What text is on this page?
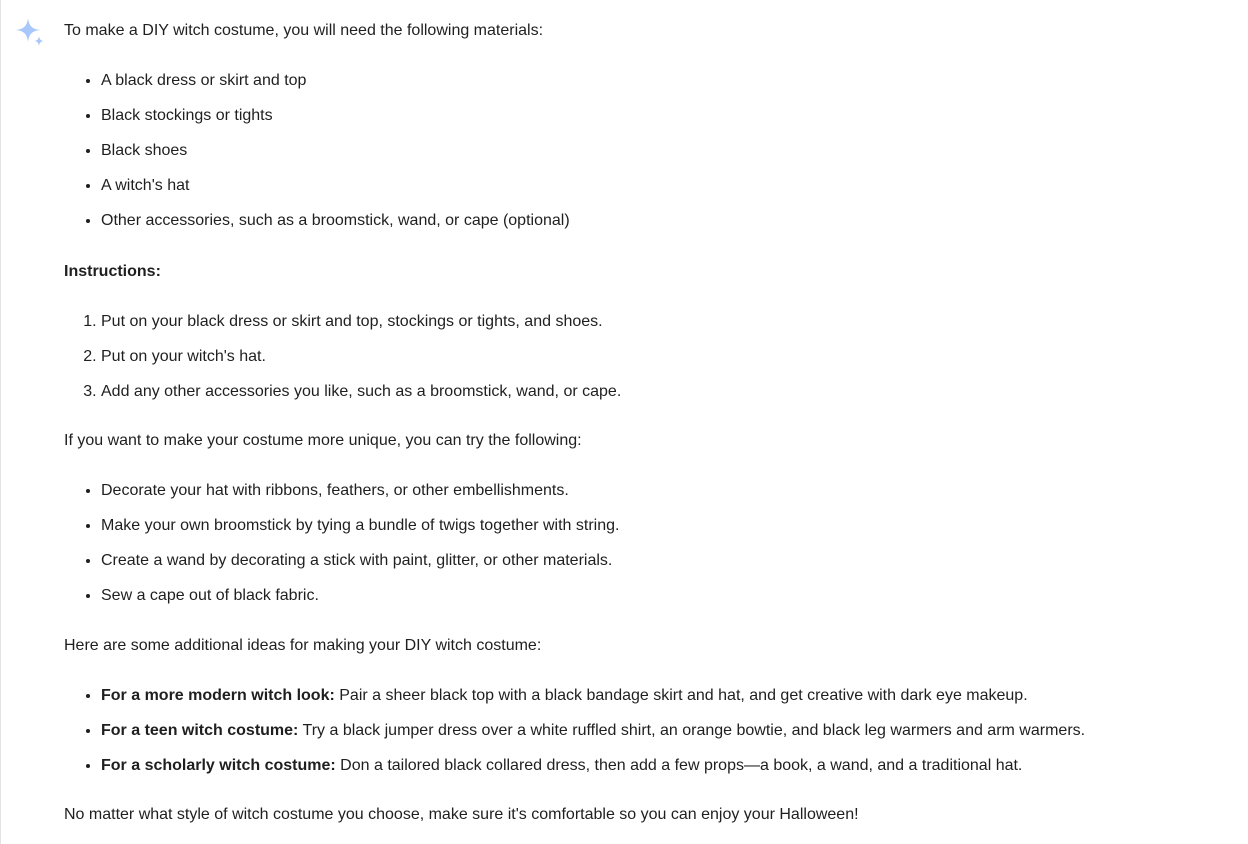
To make a DIY witch costume, you will need the following materials:

• A black dress or skirt and top
• Black stockings or tights
• Black shoes
• A witch's hat
• Other accessories, such as a broomstick, wand, or cape (optional)

Instructions:

1. Put on your black dress or skirt and top, stockings or tights, and shoes.
2. Put on your witch's hat.
3. Add any other accessories you like, such as a broomstick, wand, or cape.

If you want to make your costume more unique, you can try the following:

• Decorate your hat with ribbons, feathers, or other embellishments.
• Make your own broomstick by tying a bundle of twigs together with string.
• Create a wand by decorating a stick with paint, glitter, or other materials.
• Sew a cape out of black fabric.

Here are some additional ideas for making your DIY witch costume:

• For a more modern witch look: Pair a sheer black top with a black bandage skirt and hat, and get creative with dark eye makeup.
• For a teen witch costume: Try a black jumper dress over a white ruffled shirt, an orange bowtie, and black leg warmers and arm warmers.
• For a scholarly witch costume: Don a tailored black collared dress, then add a few props—a book, a wand, and a traditional hat.

No matter what style of witch costume you choose, make sure it's comfortable so you can enjoy your Halloween!
